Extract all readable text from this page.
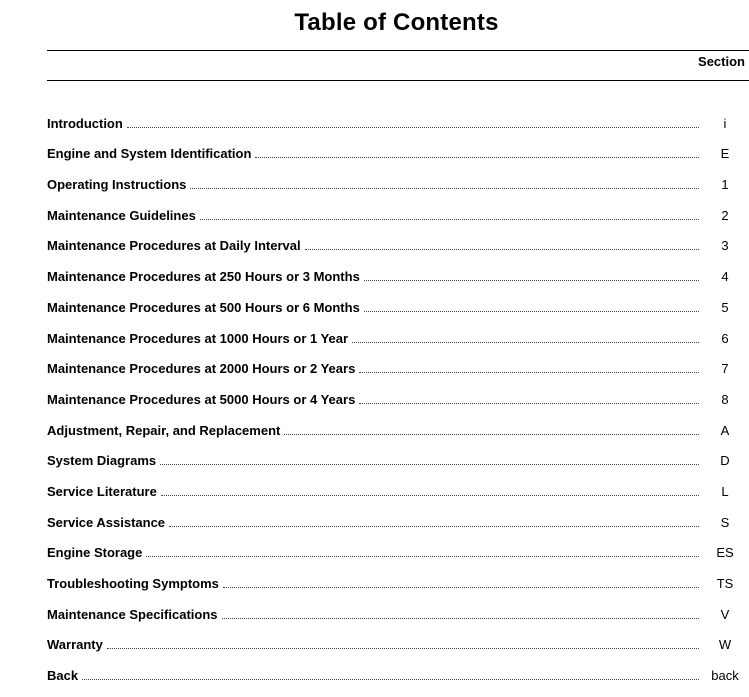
Table of Contents
Section
Introduction	i
Engine and System Identification	E
Operating Instructions	1
Maintenance Guidelines	2
Maintenance Procedures at Daily Interval	3
Maintenance Procedures at 250 Hours or 3 Months	4
Maintenance Procedures at 500 Hours or 6 Months	5
Maintenance Procedures at 1000 Hours or 1 Year	6
Maintenance Procedures at 2000 Hours or 2 Years	7
Maintenance Procedures at 5000 Hours or 4 Years	8
Adjustment, Repair, and Replacement	A
System Diagrams	D
Service Literature	L
Service Assistance	S
Engine Storage	ES
Troubleshooting Symptoms	TS
Maintenance Specifications	V
Warranty	W
Back	back
